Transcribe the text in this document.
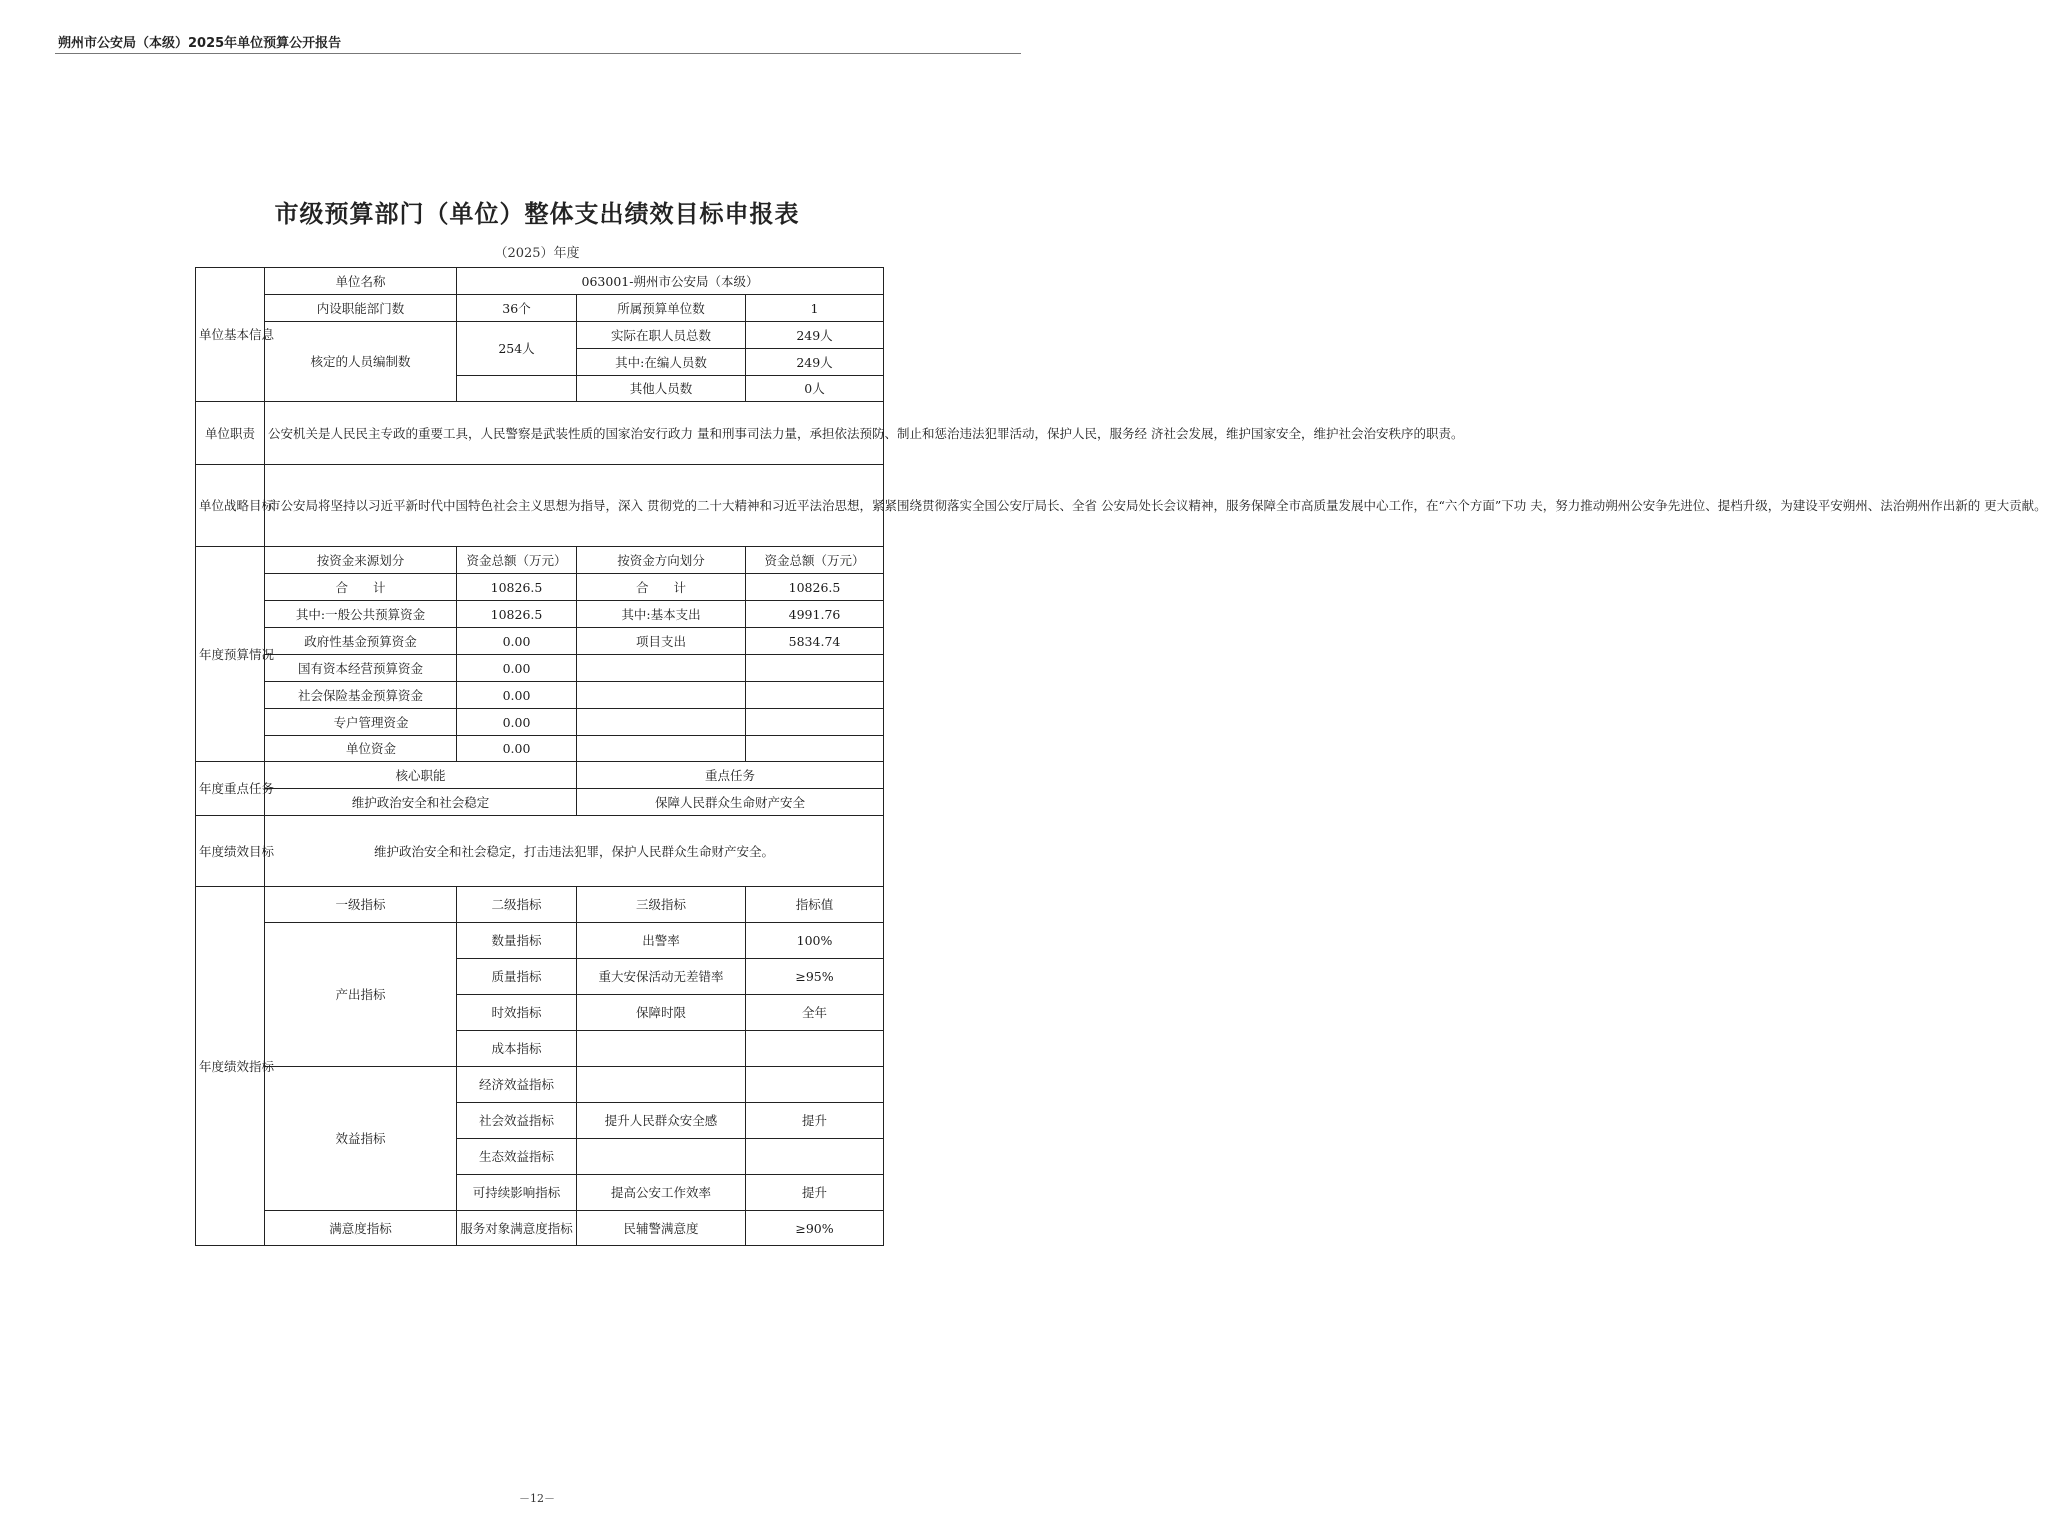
朔州市公安局（本级）2025年单位预算公开报告
市级预算部门（单位）整体支出绩效目标申报表
（2025）年度
单位基本信息	单位名称	063001-朔州市公安局（本级）		
	内设职能部门数	36个	所属预算单位数	1
	核定的人员编制数	254人	实际在职人员总数	249人
			其中:在编人员数	249人
			其他人员数	0人
单位职责	公安机关是人民民主专政的重要工具，人民警察是武装性质的国家治安行政力 量和刑事司法力量，承担依法预防、制止和惩治违法犯罪活动，保护人民，服务经 济社会发展，维护国家安全，维护社会治安秩序的职责。			
单位战略目标	市公安局将坚持以习近平新时代中国特色社会主义思想为指导，深入 贯彻党的二十大精神和习近平法治思想，紧紧围绕贯彻落实全国公安厅局长、全省 公安局处长会议精神，服务保障全市高质量发展中心工作，在“六个方面”下功 夫，努力推动朔州公安争先进位、提档升级，为建设平安朔州、法治朔州作出新的 更大贡献。			
年度预算情况	按资金来源划分	资金总额（万元）	按资金方向划分	资金总额（万元）
	合　　计	10826.5	合　　计	10826.5
	其中:一般公共预算资金	10826.5	其中:基本支出	4991.76
	政府性基金预算资金	0.00	项目支出	5834.74
	国有资本经营预算资金	0.00		
	社会保险基金预算资金	0.00		
	专户管理资金	0.00		
	单位资金	0.00		
年度重点任务	核心职能		重点任务	
	维护政治安全和社会稳定		保障人民群众生命财产安全	
年度绩效目标	维护政治安全和社会稳定，打击违法犯罪，保护人民群众生命财产安全。			
年度绩效指标	一级指标	二级指标	三级指标	指标值
	产出指标	数量指标	出警率	100%
		质量指标	重大安保活动无差错率	≥95%
		时效指标	保障时限	全年
		成本指标		
	效益指标	经济效益指标		
		社会效益指标	提升人民群众安全感	提升
		生态效益指标		
		可持续影响指标	提高公安工作效率	提升
	满意度指标	服务对象满意度指标	民辅警满意度	≥90%
－12－
